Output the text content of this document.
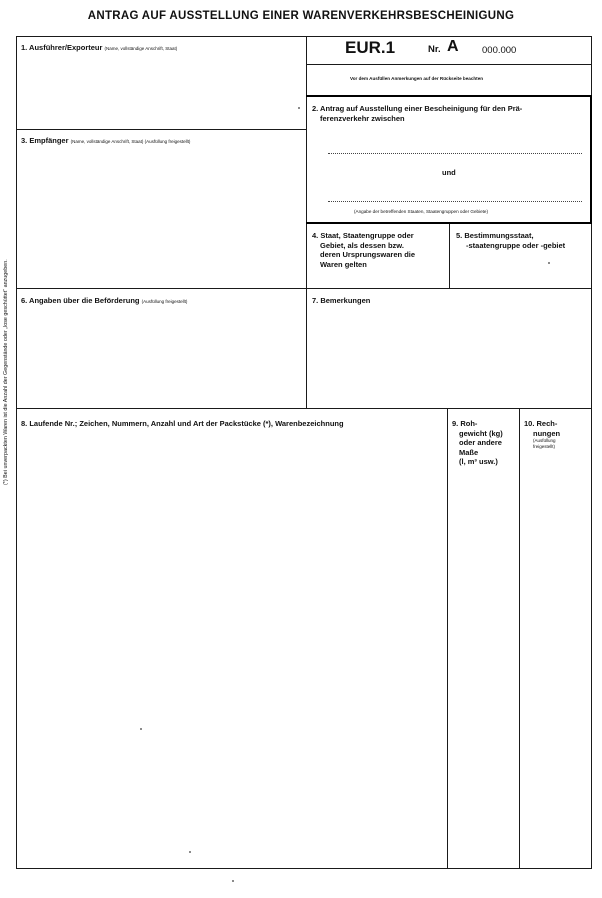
ANTRAG AUF AUSSTELLUNG EINER WARENVERKEHRSBESCHEINIGUNG
(*) Bei unverpackten Waren ist die Anzahl der Gegenstände oder „lose geschüttet“ anzugeben.
1. Ausführer/Exporteur (Name, vollständige Anschrift, Staat)	EUR.1	Nr. A 000.000
Vor dem Ausfüllen Anmerkungen auf der Rückseite beachten
2. Antrag auf Ausstellung einer Bescheinigung für den Prä-
ferenzverkehr zwischen
und
(Angabe der betreffenden Staaten, Staatengruppen oder Gebiete)
3. Empfänger (Name, vollständige Anschrift, Staat) (Ausfüllung freigestellt)
4. Staat, Staatengruppe oder
Gebiet, als dessen bzw.
deren Ursprungswaren die
Waren gelten
5. Bestimmungsstaat,
-staatengruppe oder -gebiet
6. Angaben über die Beförderung (Ausfüllung freigestellt)	7. Bemerkungen
8. Laufende Nr.; Zeichen, Nummern, Anzahl und Art der Packstücke (*), Warenbezeichnung	9. Roh-
gewicht (kg)
oder andere
Maße
(l, m³ usw.)
10. Rech-
nungen
(Ausfüllung
freigestellt)
